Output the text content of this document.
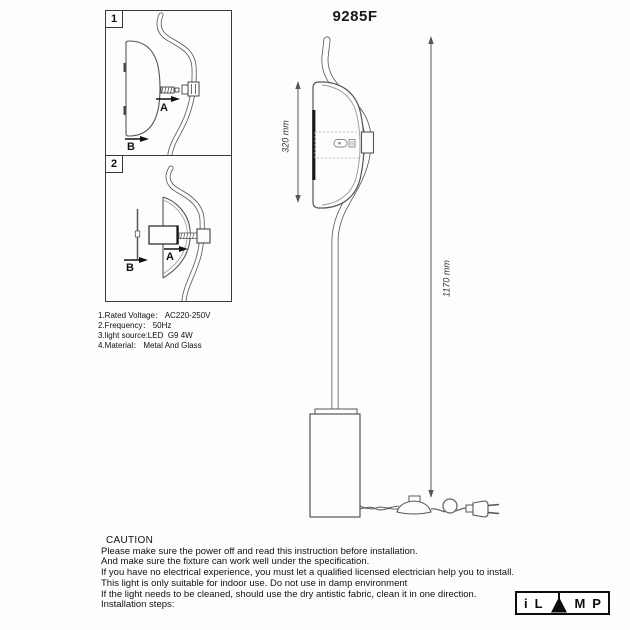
9285F
1
A
B
2
A
B
320 mm
1170 mm
1.Rated Voltage： AC220-250V
2.Frequency： 50Hz
3.light source:LED  G9 4W
4.Material： Metal And Glass
CAUTION
Please make sure the power off and read this instruction before installation.
And make sure the fixture can work well under the specification.
If you have no electrical experience, you must let a qualified licensed electrician help you to install.
This light is only suitable for indoor use. Do not use in damp environment
If the light needs to be cleaned, should use the dry antistic fabric, clean it in one direction.
Installation steps:	i L M P
